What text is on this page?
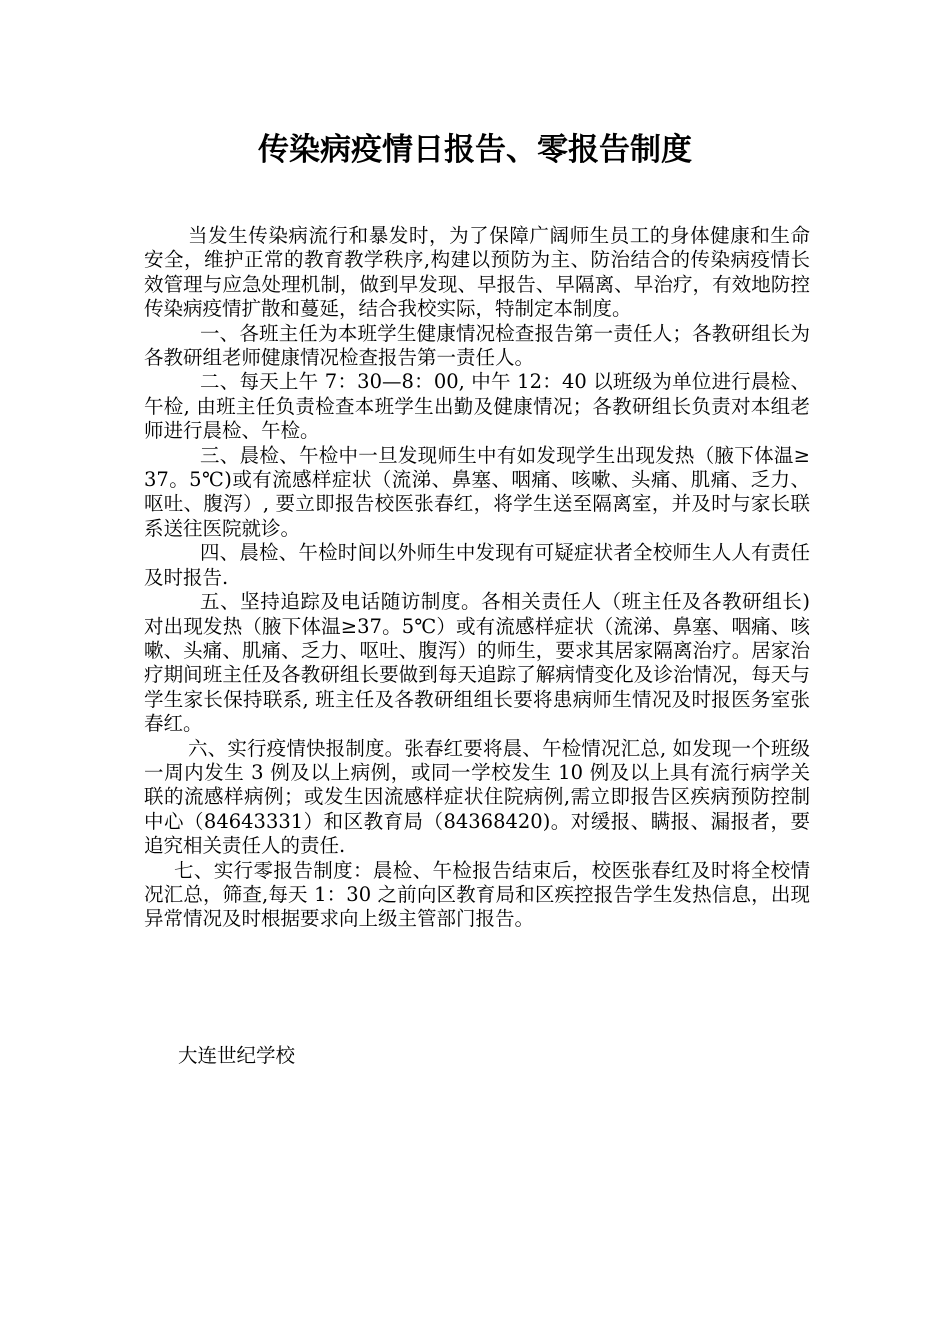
传染病疫情日报告、零报告制度

当发生传染病流行和暴发时，为了保障广阔师生员工的身体健康和生命安全，维护正常的教育教学秩序,构建以预防为主、防治结合的传染病疫情长效管理与应急处理机制，做到早发现、早报告、早隔离、早治疗，有效地防控传染病疫情扩散和蔓延，结合我校实际，特制定本制度。

一、各班主任为本班学生健康情况检查报告第一责任人；各教研组长为各教研组老师健康情况检查报告第一责任人。

二、每天上午 7：30—8：00, 中午 12：40 以班级为单位进行晨检、午检, 由班主任负责检查本班学生出勤及健康情况；各教研组长负责对本组老师进行晨检、午检。

三、晨检、午检中一旦发现师生中有如发现学生出现发热（腋下体温≥37。5℃)或有流感样症状（流涕、鼻塞、咽痛、咳嗽、头痛、肌痛、乏力、呕吐、腹泻）, 要立即报告校医张春红，将学生送至隔离室，并及时与家长联系送往医院就诊。

四、晨检、午检时间以外师生中发现有可疑症状者全校师生人人有责任及时报告.

五、坚持追踪及电话随访制度。各相关责任人（班主任及各教研组长)对出现发热（腋下体温≥37。5℃）或有流感样症状（流涕、鼻塞、咽痛、咳嗽、头痛、肌痛、乏力、呕吐、腹泻）的师生，要求其居家隔离治疗。居家治疗期间班主任及各教研组长要做到每天追踪了解病情变化及诊治情况，每天与学生家长保持联系, 班主任及各教研组组长要将患病师生情况及时报医务室张春红。

六、实行疫情快报制度。张春红要将晨、午检情况汇总, 如发现一个班级一周内发生 3 例及以上病例，或同一学校发生 10 例及以上具有流行病学关联的流感样病例；或发生因流感样症状住院病例,需立即报告区疾病预防控制中心（84643331）和区教育局（84368420)。对缓报、瞒报、漏报者，要追究相关责任人的责任.

七、实行零报告制度：晨检、午检报告结束后，校医张春红及时将全校情况汇总，筛查,每天 1：30 之前向区教育局和区疾控报告学生发热信息，出现异常情况及时根据要求向上级主管部门报告。

大连世纪学校
